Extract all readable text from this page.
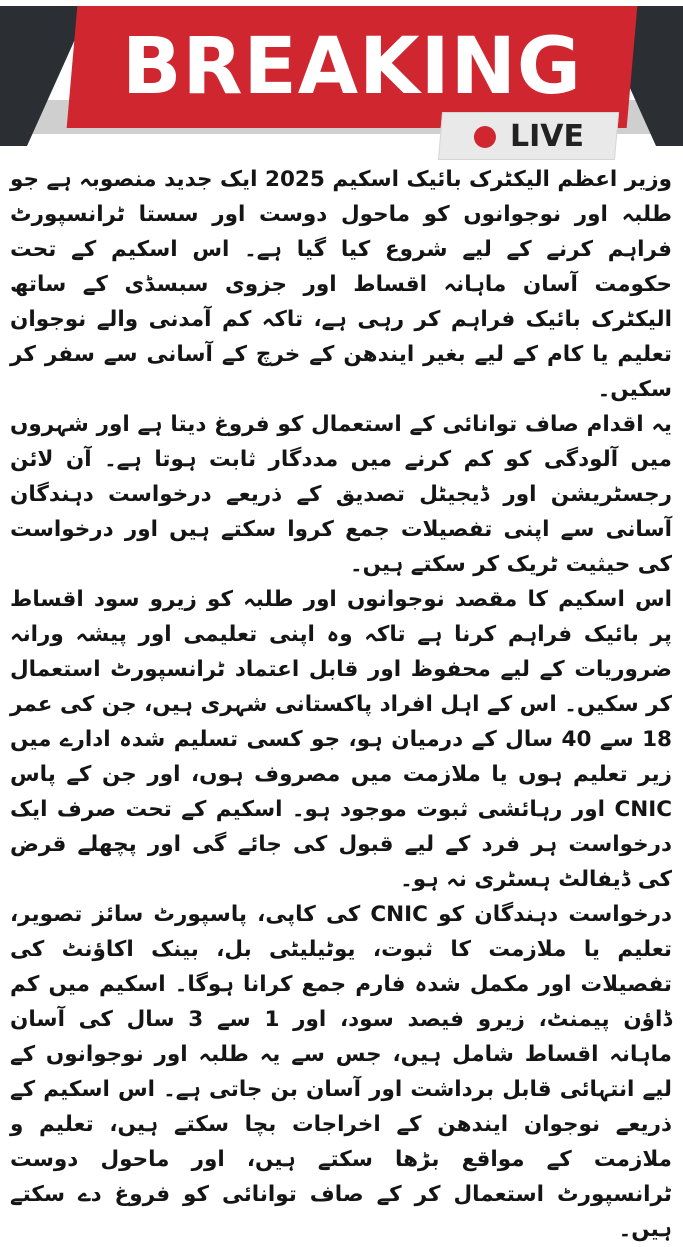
BREAKING
LIVE

وزیر اعظم الیکٹرک بائیک اسکیم 2025 ایک جدید منصوبہ ہے جو طلبہ اور نوجوانوں کو ماحول دوست اور سستا ٹرانسپورٹ فراہم کرنے کے لیے شروع کیا گیا ہے۔ اس اسکیم کے تحت حکومت آسان ماہانہ اقساط اور جزوی سبسڈی کے ساتھ الیکٹرک بائیک فراہم کر رہی ہے، تاکہ کم آمدنی والے نوجوان تعلیم یا کام کے لیے بغیر ایندھن کے خرچ کے آسانی سے سفر کر سکیں۔

یہ اقدام صاف توانائی کے استعمال کو فروغ دیتا ہے اور شہروں میں آلودگی کو کم کرنے میں مددگار ثابت ہوتا ہے۔ آن لائن رجسٹریشن اور ڈیجیٹل تصدیق کے ذریعے درخواست دہندگان آسانی سے اپنی تفصیلات جمع کروا سکتے ہیں اور درخواست کی حیثیت ٹریک کر سکتے ہیں۔

اس اسکیم کا مقصد نوجوانوں اور طلبہ کو زیرو سود اقساط پر بائیک فراہم کرنا ہے تاکہ وہ اپنی تعلیمی اور پیشہ ورانہ ضروریات کے لیے محفوظ اور قابل اعتماد ٹرانسپورٹ استعمال کر سکیں۔ اس کے اہل افراد پاکستانی شہری ہیں، جن کی عمر 18 سے 40 سال کے درمیان ہو، جو کسی تسلیم شدہ ادارے میں زیر تعلیم ہوں یا ملازمت میں مصروف ہوں، اور جن کے پاس CNIC اور رہائشی ثبوت موجود ہو۔ اسکیم کے تحت صرف ایک درخواست ہر فرد کے لیے قبول کی جائے گی اور پچھلے قرض کی ڈیفالٹ ہسٹری نہ ہو۔

درخواست دہندگان کو CNIC کی کاپی، پاسپورٹ سائز تصویر، تعلیم یا ملازمت کا ثبوت، یوٹیلیٹی بل، بینک اکاؤنٹ کی تفصیلات اور مکمل شدہ فارم جمع کرانا ہوگا۔ اسکیم میں کم ڈاؤن پیمنٹ، زیرو فیصد سود، اور 1 سے 3 سال کی آسان ماہانہ اقساط شامل ہیں، جس سے یہ طلبہ اور نوجوانوں کے لیے انتہائی قابل برداشت اور آسان بن جاتی ہے۔ اس اسکیم کے ذریعے نوجوان ایندھن کے اخراجات بچا سکتے ہیں، تعلیم و ملازمت کے مواقع بڑھا سکتے ہیں، اور ماحول دوست ٹرانسپورٹ استعمال کر کے صاف توانائی کو فروغ دے سکتے ہیں۔
